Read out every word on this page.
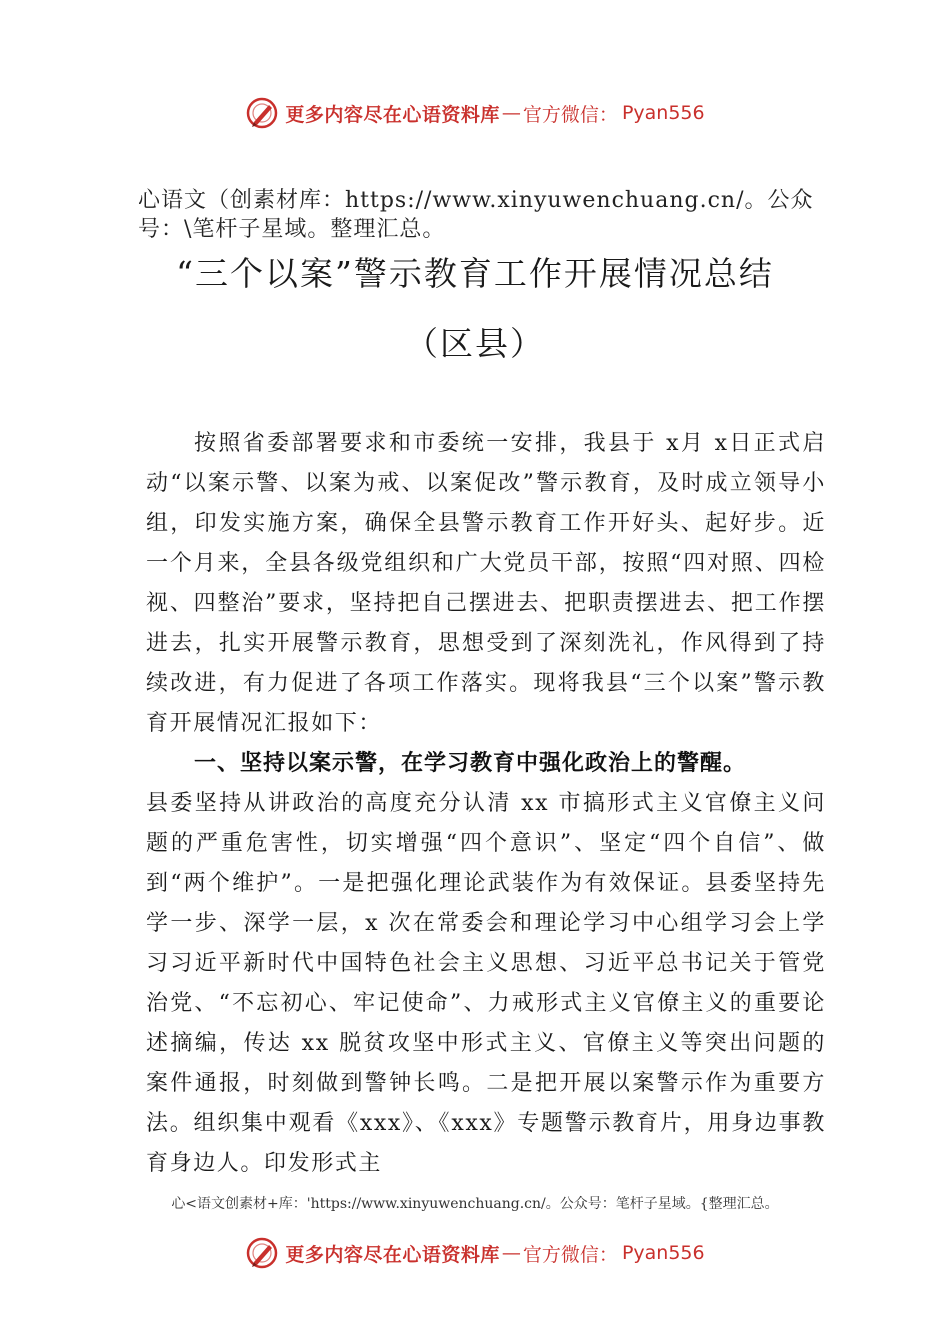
更多内容尽在心语资料库 — 官方微信： Pyan556
心语文（创素材库：https://www.xinyuwenchuang.cn/。公众号：\笔杆子星域。整理汇总。
“三个以案”警示教育工作开展情况总结
（区县）

按照省委部署要求和市委统一安排，我县于 x月 x日正式启动“以案示警、以案为戒、以案促改”警示教育，及时成立领导小组，印发实施方案，确保全县警示教育工作开好头、起好步。近一个月来，全县各级党组织和广大党员干部，按照“四对照、四检视、四整治”要求，坚持把自己摆进去、把职责摆进去、把工作摆进去，扎实开展警示教育，思想受到了深刻洗礼，作风得到了持续改进，有力促进了各项工作落实。现将我县“三个以案”警示教育开展情况汇报如下：

一、坚持以案示警，在学习教育中强化政治上的警醒。

县委坚持从讲政治的高度充分认清 xx 市搞形式主义官僚主义问题的严重危害性，切实增强“四个意识”、坚定“四个自信”、做到“两个维护”。一是把强化理论武装作为有效保证。县委坚持先学一步、深学一层，x 次在常委会和理论学习中心组学习会上学习习近平新时代中国特色社会主义思想、习近平总书记关于管党治党、“不忘初心、牢记使命”、力戒形式主义官僚主义的重要论述摘编，传达 xx 脱贫攻坚中形式主义、官僚主义等突出问题的案件通报，时刻做到警钟长鸣。二是把开展以案警示作为重要方法。组织集中观看《xxx》、《xxx》专题警示教育片，用身边事教育身边人。印发形式主

心<语文创素材+库：'https://www.xinyuwenchuang.cn/。公众号：笔杆子星域。{整理汇总。
更多内容尽在心语资料库 — 官方微信： Pyan556
